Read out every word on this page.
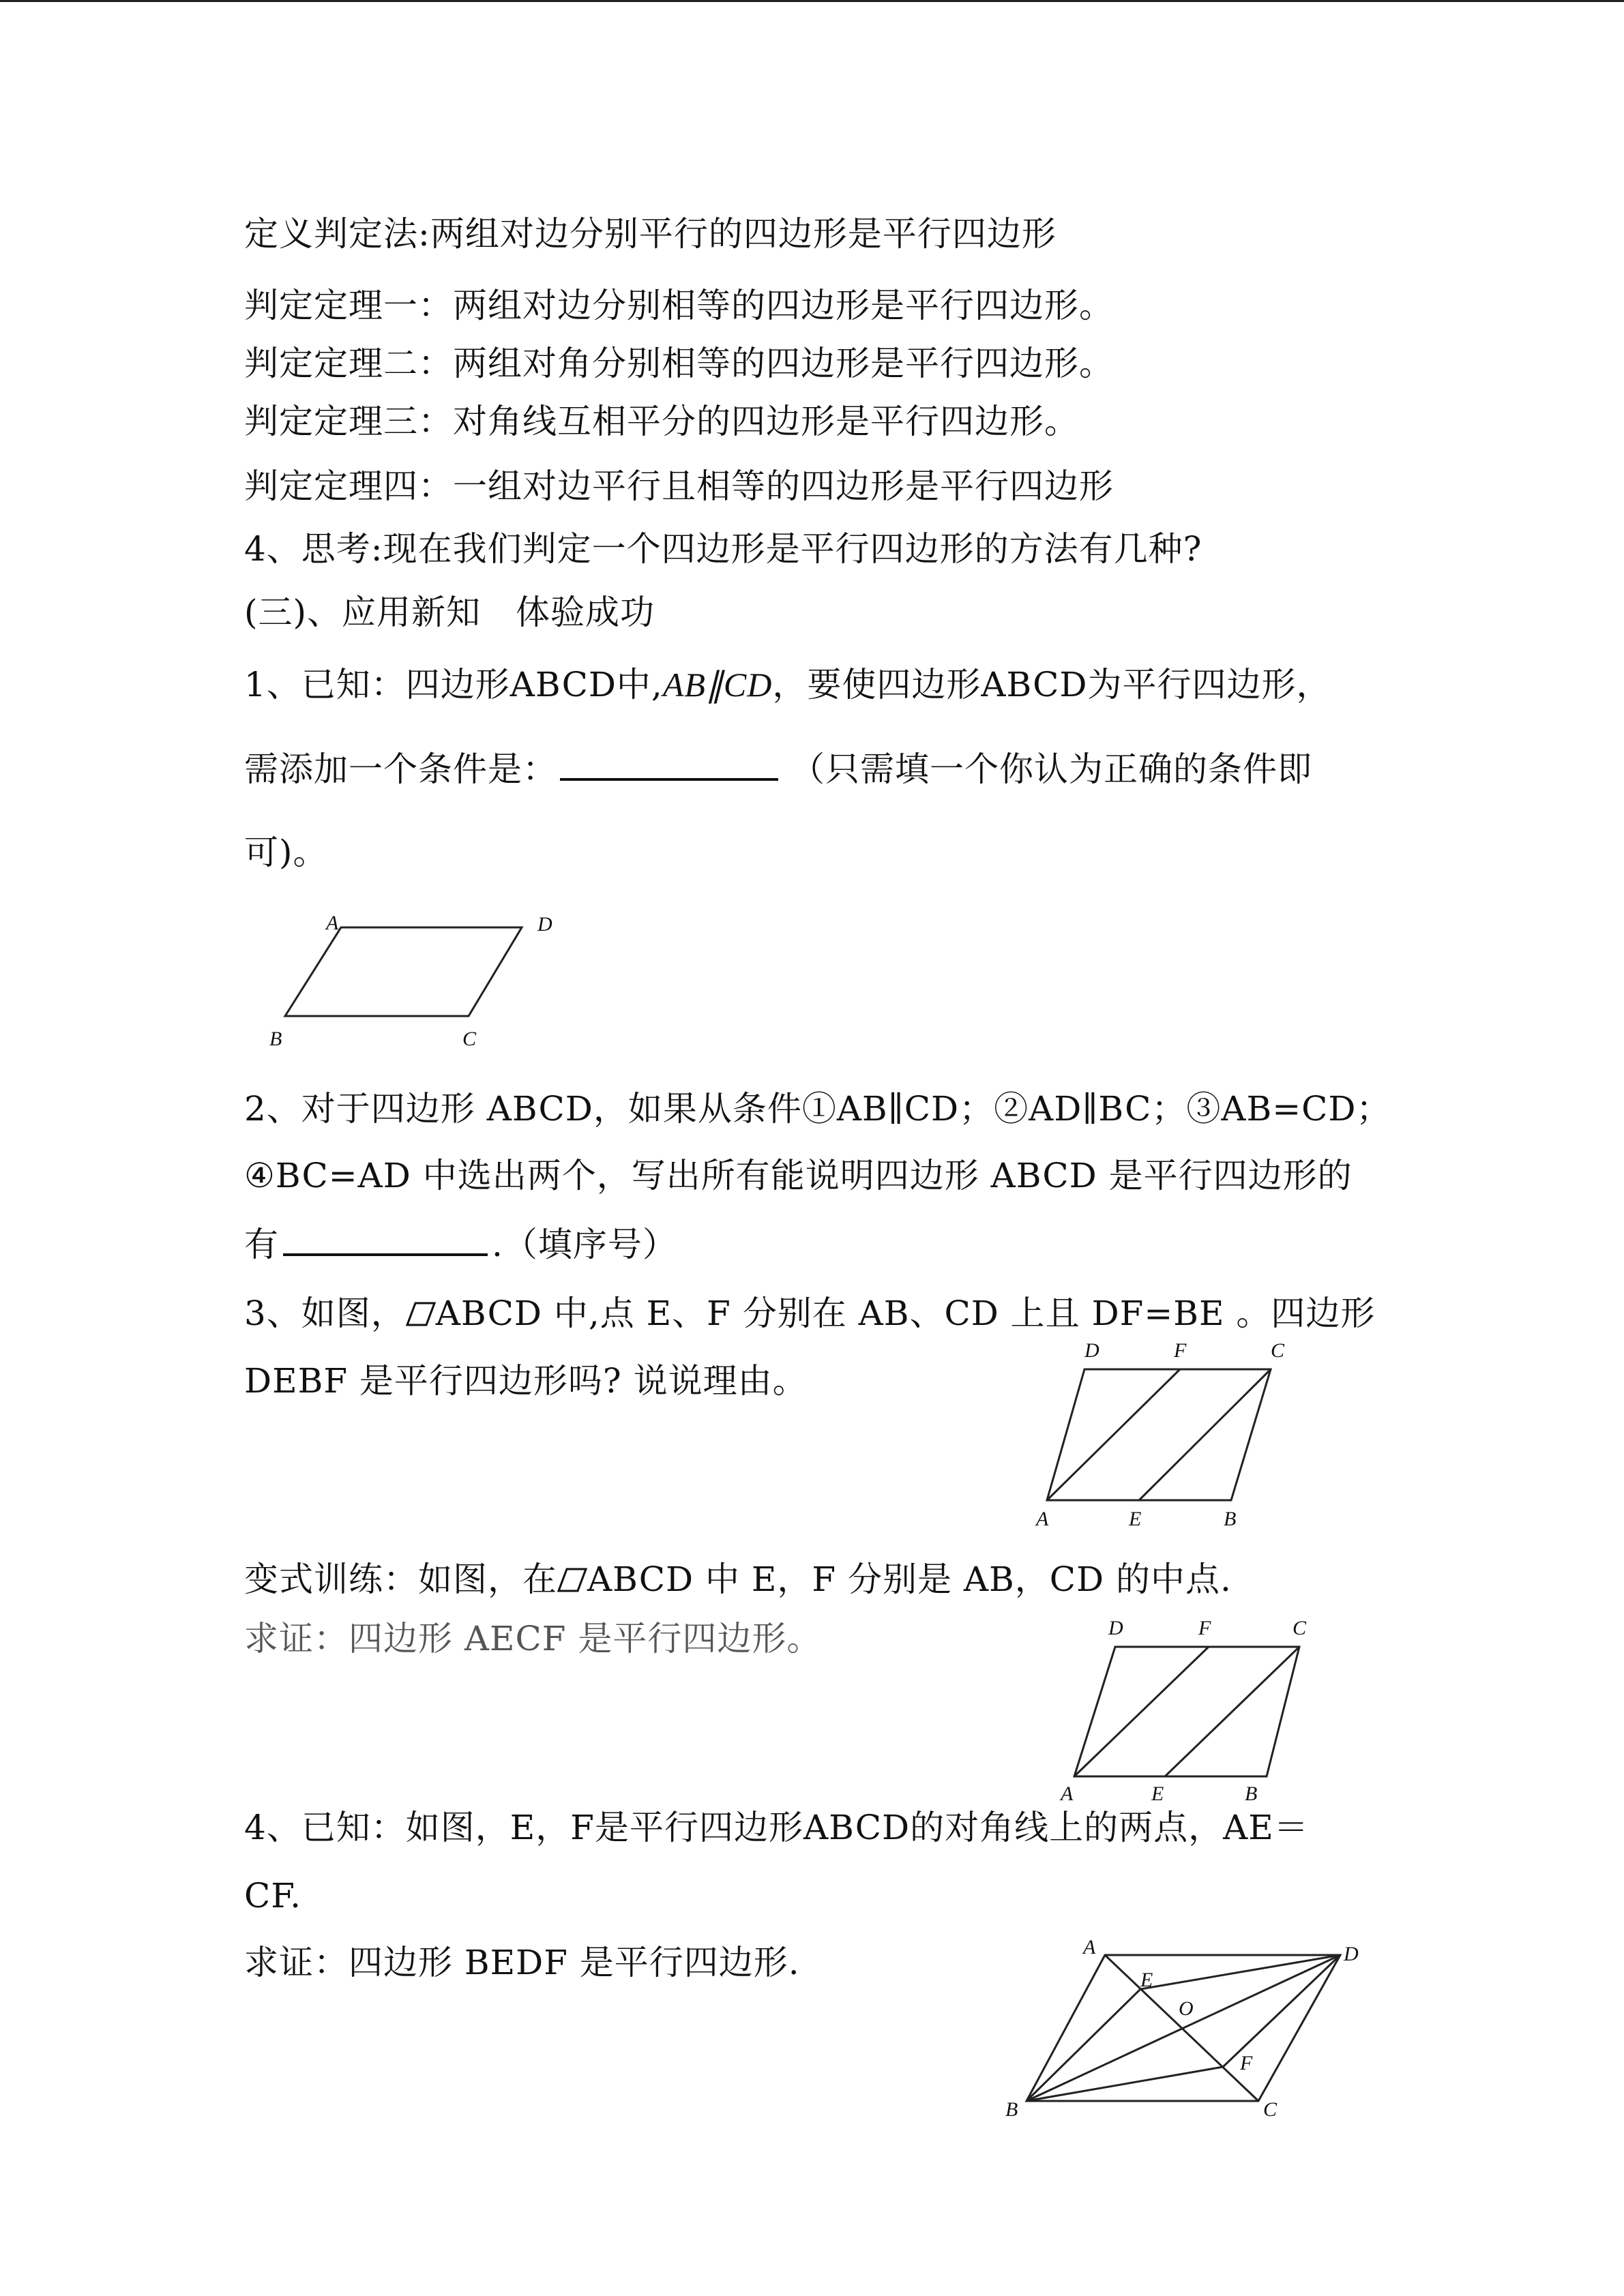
定义判定法:两组对边分别平行的四边形是平行四边形
判定定理一：两组对边分别相等的四边形是平行四边形。
判定定理二：两组对角分别相等的四边形是平行四边形。
判定定理三：对角线互相平分的四边形是平行四边形。
判定定理四：一组对边平行且相等的四边形是平行四边形
4、思考:现在我们判定一个四边形是平行四边形的方法有几种?
(三)、应用新知　体验成功
1、已知：四边形ABCD中,AB∥CD，要使四边形ABCD为平行四边形，
需添加一个条件是：	（只需填一个你认为正确的条件即
可)。
A	D
B	C
2、对于四边形 ABCD，如果从条件①AB∥CD；②AD∥BC；③AB=CD；
④BC=AD 中选出两个，写出所有能说明四边形 ABCD 是平行四边形的
有	.（填序号）
3、如图， ABCD 中,点 E、F 分别在 AB、CD 上且 DF=BE 。四边形
DEBF 是平行四边形吗? 说说理由。
D	F	C
A	E	B
变式训练：如图，在 ABCD 中 E，F 分别是 AB，CD 的中点.
求证：四边形 AECF 是平行四边形。	D	F	C
A	E	B
4、已知：如图，E，F是平行四边形ABCD的对角线上的两点，AE＝
CF.
求证：四边形 BEDF 是平行四边形.	A	D
E
O
F
B	C
